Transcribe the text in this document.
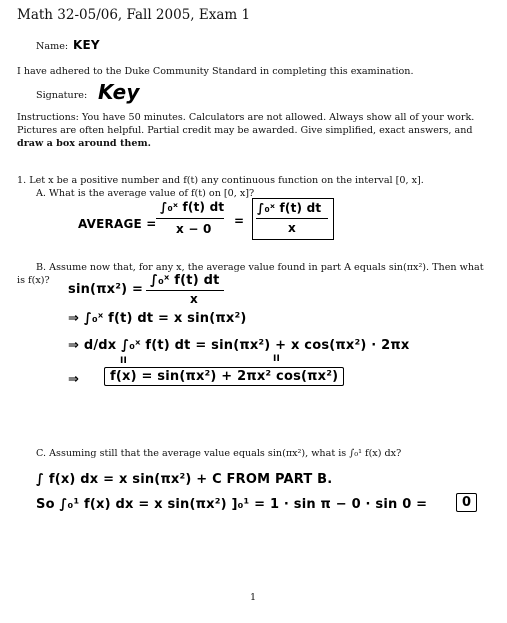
Math 32-05/06, Fall 2005, Exam 1
Name: KEY
I have adhered to the Duke Community Standard in completing this examination.
Signature: Key
Instructions: You have 50 minutes. Calculators are not allowed. Always show all of your work.
Pictures are often helpful. Partial credit may be awarded. Give simplified, exact answers, and
draw a box around them.
1. Let x be a positive number and f(t) any continuous function on the interval [0, x].
A. What is the average value of f(t) on [0, x]?
AVERAGE =
∫₀ˣ f(t) dt
x − 0
=
∫₀ˣ f(t) dt
x
B. Assume now that, for any x, the average value found in part A equals sin(πx²). Then what
is f(x)?
sin(πx²) =
∫₀ˣ f(t) dt
x
⇒ ∫₀ˣ f(t) dt = x sin(πx²)
⇒ d/dx ∫₀ˣ f(t) dt = sin(πx²) + x cos(πx²) · 2πx
II	II
⇒	f(x) = sin(πx²) + 2πx² cos(πx²)
C. Assuming still that the average value equals sin(πx²), what is ∫₀¹ f(x) dx?
∫ f(x) dx = x sin(πx²) + C FROM PART B.
So ∫₀¹ f(x) dx = x sin(πx²) ]₀¹ = 1 · sin π − 0 · sin 0 =	0
1
